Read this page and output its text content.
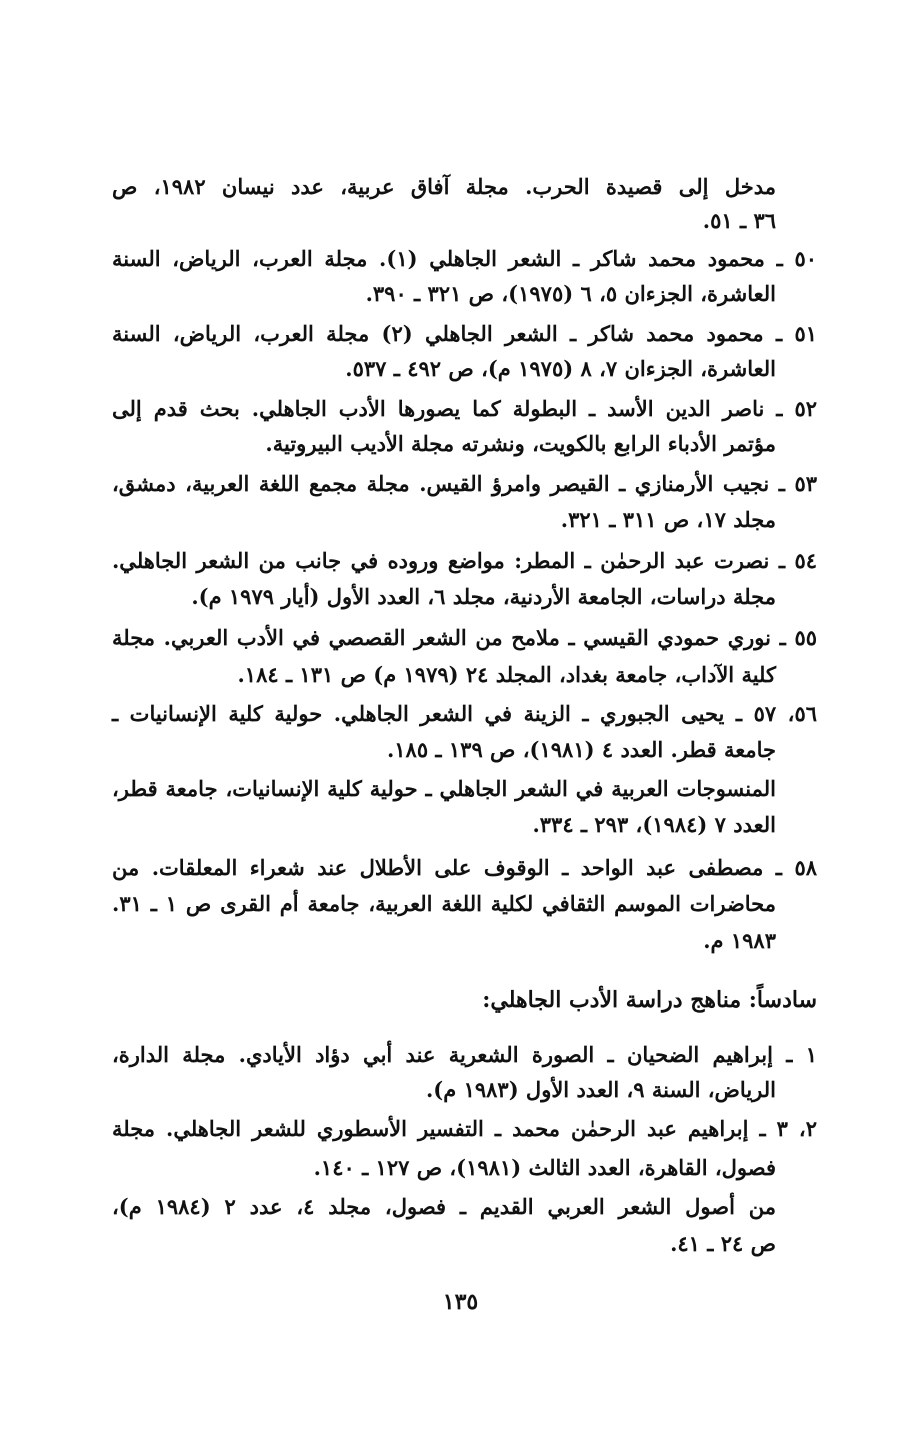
مدخل إلى قصيدة الحرب. مجلة آفاق عربية، عدد نيسان ١٩٨٢، ص
٣٦ ـ ٥١.
٥٠ ـ محمود محمد شاكر ـ الشعر الجاهلي (١). مجلة العرب، الرياض، السنة
العاشرة، الجزءان ٥، ٦ (١٩٧٥)، ص ٣٢١ ـ ٣٩٠.
٥١ ـ محمود محمد شاكر ـ الشعر الجاهلي (٢) مجلة العرب، الرياض، السنة
العاشرة، الجزءان ٧، ٨ (١٩٧٥ م)، ص ٤٩٢ ـ ٥٣٧.
٥٢ ـ ناصر الدين الأسد ـ البطولة كما يصورها الأدب الجاهلي. بحث قدم إلى
مؤتمر الأدباء الرابع بالكويت، ونشرته مجلة الأديب البيروتية.
٥٣ ـ نجيب الأرمنازي ـ القيصر وامرؤ القيس. مجلة مجمع اللغة العربية، دمشق،
مجلد ١٧، ص ٣١١ ـ ٣٢١.
٥٤ ـ نصرت عبد الرحمٰن ـ المطر: مواضع وروده في جانب من الشعر الجاهلي.
مجلة دراسات، الجامعة الأردنية، مجلد ٦، العدد الأول (أيار ١٩٧٩ م).
٥٥ ـ نوري حمودي القيسي ـ ملامح من الشعر القصصي في الأدب العربي. مجلة
كلية الآداب، جامعة بغداد، المجلد ٢٤ (١٩٧٩ م) ص ١٣١ ـ ١٨٤.
٥٦، ٥٧ ـ يحيى الجبوري ـ الزينة في الشعر الجاهلي. حولية كلية الإنسانيات ـ
جامعة قطر. العدد ٤ (١٩٨١)، ص ١٣٩ ـ ١٨٥.
المنسوجات العربية في الشعر الجاهلي ـ حولية كلية الإنسانيات، جامعة قطر،
العدد ٧ (١٩٨٤)، ٢٩٣ ـ ٣٣٤.
٥٨ ـ مصطفى عبد الواحد ـ الوقوف على الأطلال عند شعراء المعلقات. من
محاضرات الموسم الثقافي لكلية اللغة العربية، جامعة أم القرى ص ١ ـ ٣١.
١٩٨٣ م.
سادساً: مناهج دراسة الأدب الجاهلي:
١ ـ إبراهيم الضحيان ـ الصورة الشعرية عند أبي دؤاد الأيادي. مجلة الدارة،
الرياض، السنة ٩، العدد الأول (١٩٨٣ م).
٢، ٣ ـ إبراهيم عبد الرحمٰن محمد ـ التفسير الأسطوري للشعر الجاهلي. مجلة
فصول، القاهرة، العدد الثالث (١٩٨١)، ص ١٢٧ ـ ١٤٠.
من أصول الشعر العربي القديم ـ فصول، مجلد ٤، عدد ٢ (١٩٨٤ م)،
ص ٢٤ ـ ٤١.
١٣٥
